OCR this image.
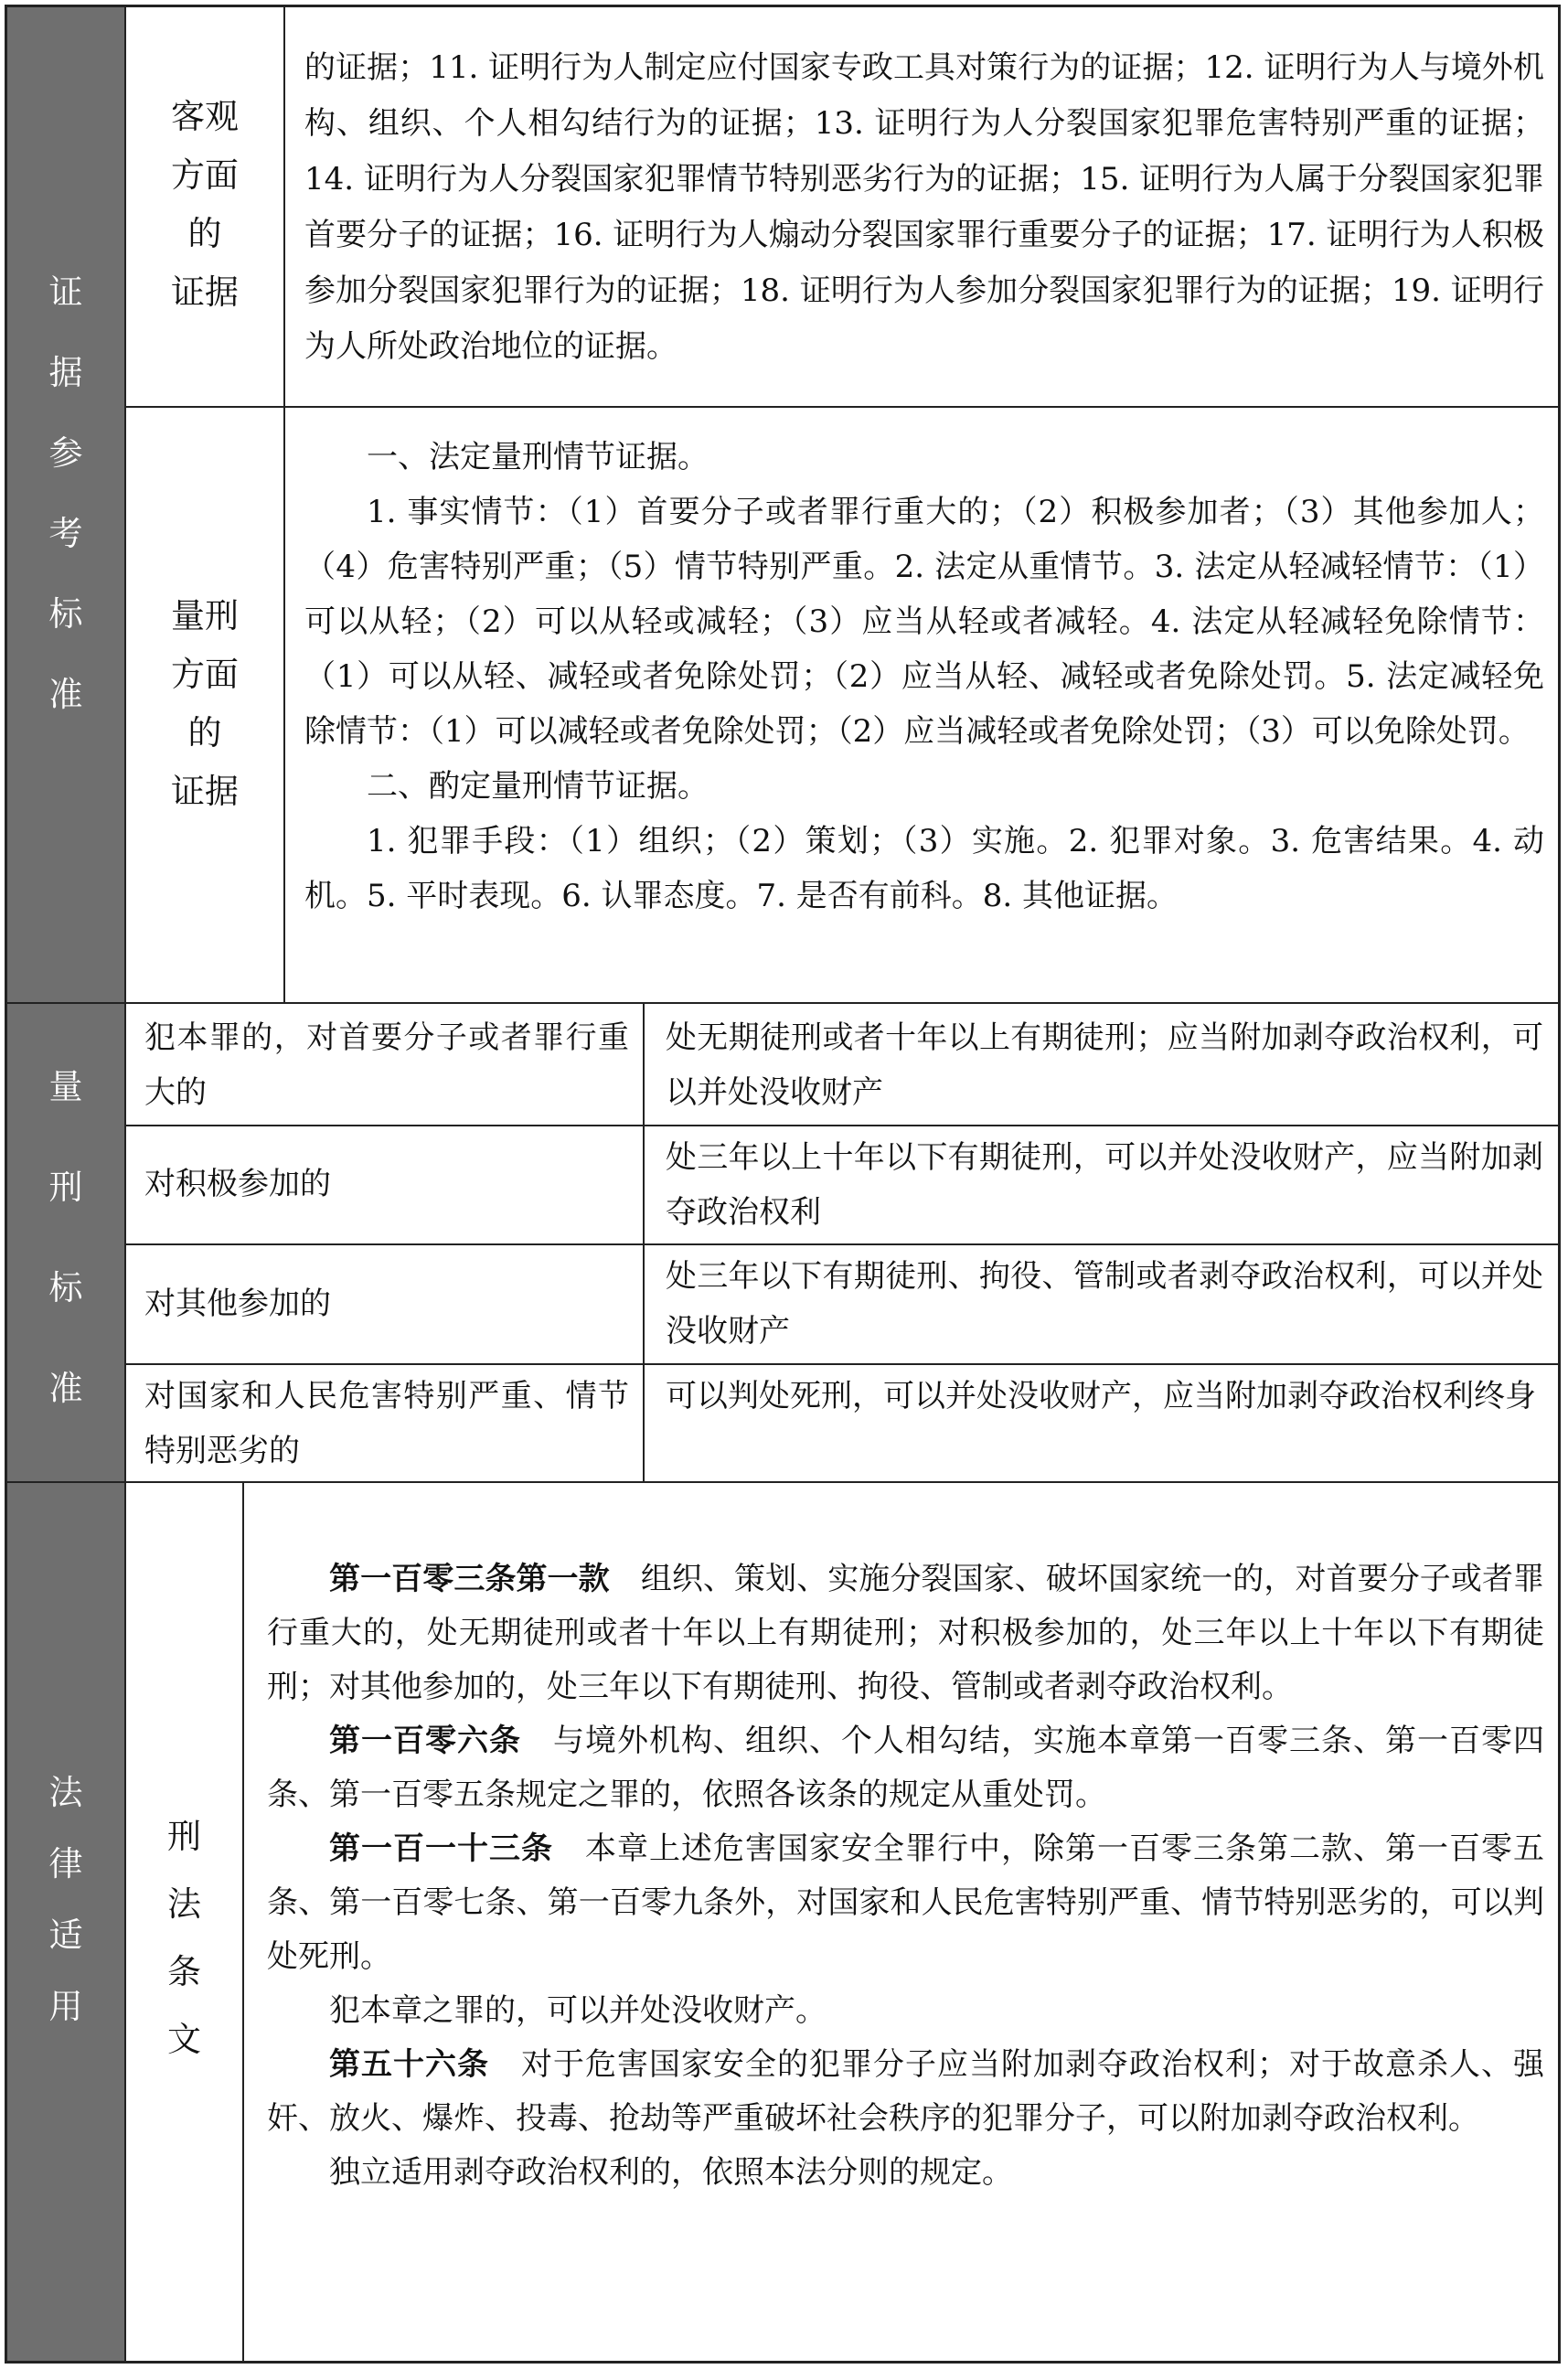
证
据
参
考
标
准
量
刑
标
准
法
律
适
用
客观
方面
的
证据

的证据；11. 证明行为人制定应付国家专政工具对策行为的证据；12. 证明行为人与境外机构、组织、个人相勾结行为的证据；13. 证明行为人分裂国家犯罪危害特别严重的证据；14. 证明行为人分裂国家犯罪情节特别恶劣行为的证据；15. 证明行为人属于分裂国家犯罪首要分子的证据；16. 证明行为人煽动分裂国家罪行重要分子的证据；17. 证明行为人积极参加分裂国家犯罪行为的证据；18. 证明行为人参加分裂国家犯罪行为的证据；19. 证明行为人所处政治地位的证据。

量刑
方面
的
证据

一、法定量刑情节证据。

1. 事实情节：（1）首要分子或者罪行重大的；（2）积极参加者；（3）其他参加人；（4）危害特别严重；（5）情节特别严重。2. 法定从重情节。3. 法定从轻减轻情节：（1）可以从轻；（2）可以从轻或减轻；（3）应当从轻或者减轻。4. 法定从轻减轻免除情节：（1）可以从轻、减轻或者免除处罚；（2）应当从轻、减轻或者免除处罚。5. 法定减轻免除情节：（1）可以减轻或者免除处罚；（2）应当减轻或者免除处罚；（3）可以免除处罚。

二、酌定量刑情节证据。

1. 犯罪手段：（1）组织；（2）策划；（3）实施。2. 犯罪对象。3. 危害结果。4. 动机。5. 平时表现。6. 认罪态度。7. 是否有前科。8. 其他证据。

犯本罪的，对首要分子或者罪行重大的
处无期徒刑或者十年以上有期徒刑；应当附加剥夺政治权利，可以并处没收财产
对积极参加的
处三年以上十年以下有期徒刑，可以并处没收财产，应当附加剥夺政治权利
对其他参加的
处三年以下有期徒刑、拘役、管制或者剥夺政治权利，可以并处没收财产
对国家和人民危害特别严重、情节特别恶劣的
可以判处死刑，可以并处没收财产，应当附加剥夺政治权利终身
刑
法
条
文

第一百零三条第一款　 组织、策划、实施分裂国家、破坏国家统一的，对首要分子或者罪行重大的，处无期徒刑或者十年以上有期徒刑；对积极参加的，处三年以上十年以下有期徒刑；对其他参加的，处三年以下有期徒刑、拘役、管制或者剥夺政治权利。

第一百零六条　 与境外机构、组织、个人相勾结，实施本章第一百零三条、第一百零四条、第一百零五条规定之罪的，依照各该条的规定从重处罚。

第一百一十三条　 本章上述危害国家安全罪行中，除第一百零三条第二款、第一百零五条、第一百零七条、第一百零九条外，对国家和人民危害特别严重、情节特别恶劣的，可以判处死刑。

犯本章之罪的，可以并处没收财产。

第五十六条　 对于危害国家安全的犯罪分子应当附加剥夺政治权利；对于故意杀人、强奸、放火、爆炸、投毒、抢劫等严重破坏社会秩序的犯罪分子，可以附加剥夺政治权利。

独立适用剥夺政治权利的，依照本法分则的规定。
